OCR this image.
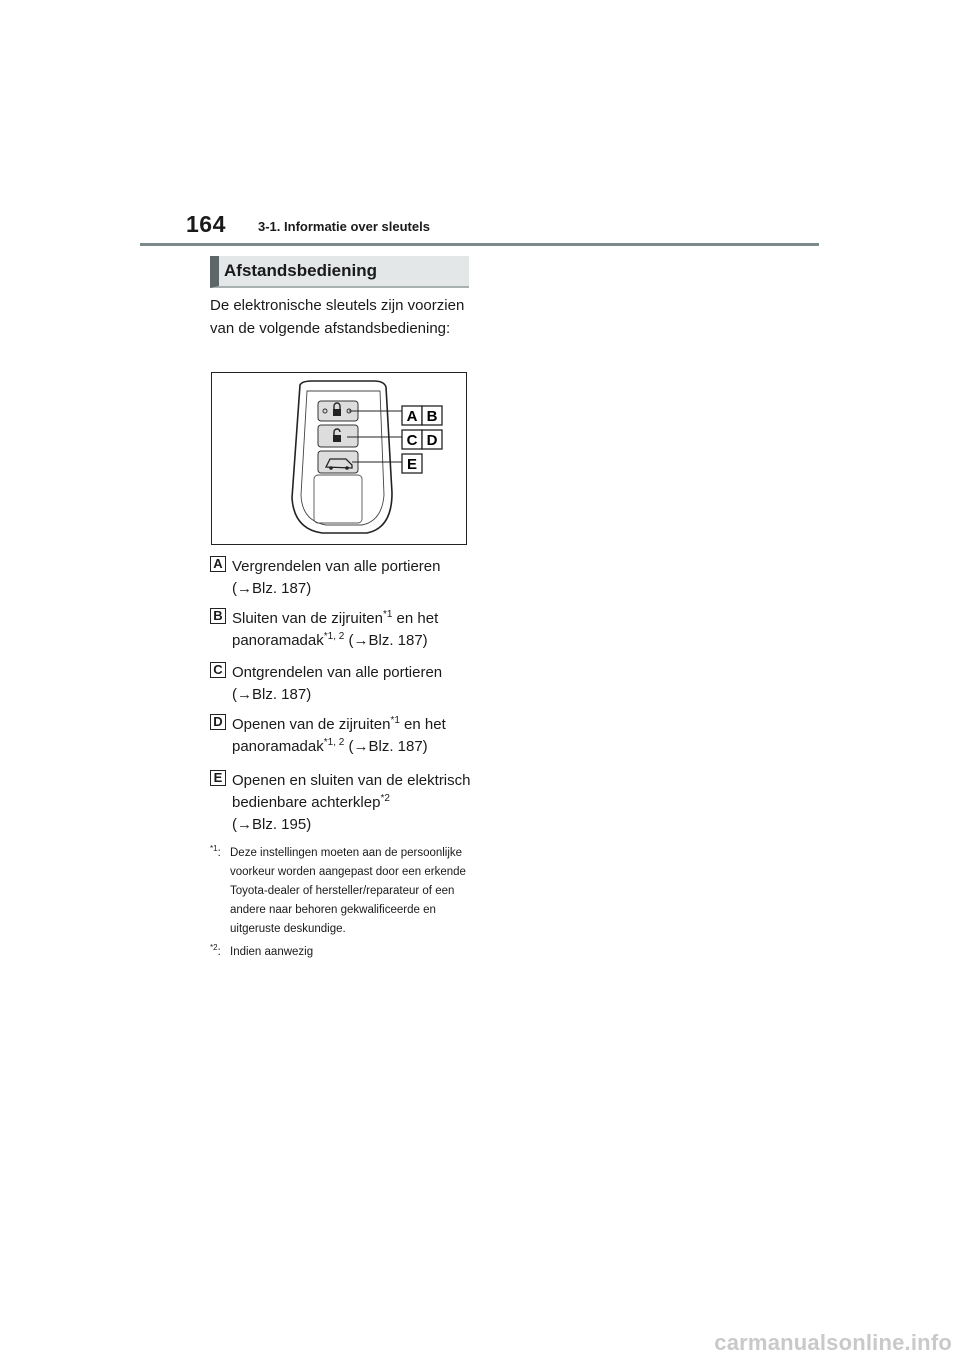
164 3-1. Informatie over sleutels
Afstandsbediening
De elektronische sleutels zijn voorzien van de volgende afstandsbediening:
A B
C D
E
A Vergrendelen van alle portieren
(→Blz. 187)
B Sluiten van de zijruiten$^{*1}$ en het panoramadak$^{*1, 2}$ (→Blz. 187)
C Ontgrendelen van alle portieren
(→Blz. 187)
D Openen van de zijruiten$^{*1}$ en het panoramadak$^{*1, 2}$ (→Blz. 187)
E Openen en sluiten van de elektrisch bedienbare achterklep$^{*2}$
(→Blz. 195)
$^{*1}$: Deze instellingen moeten aan de persoonlijke voorkeur worden aangepast door een erkende Toyota-dealer of hersteller/reparateur of een andere naar behoren gekwalificeerde en uitgeruste deskundige.
$^{*2}$: Indien aanwezig
carmanualsonline.info
